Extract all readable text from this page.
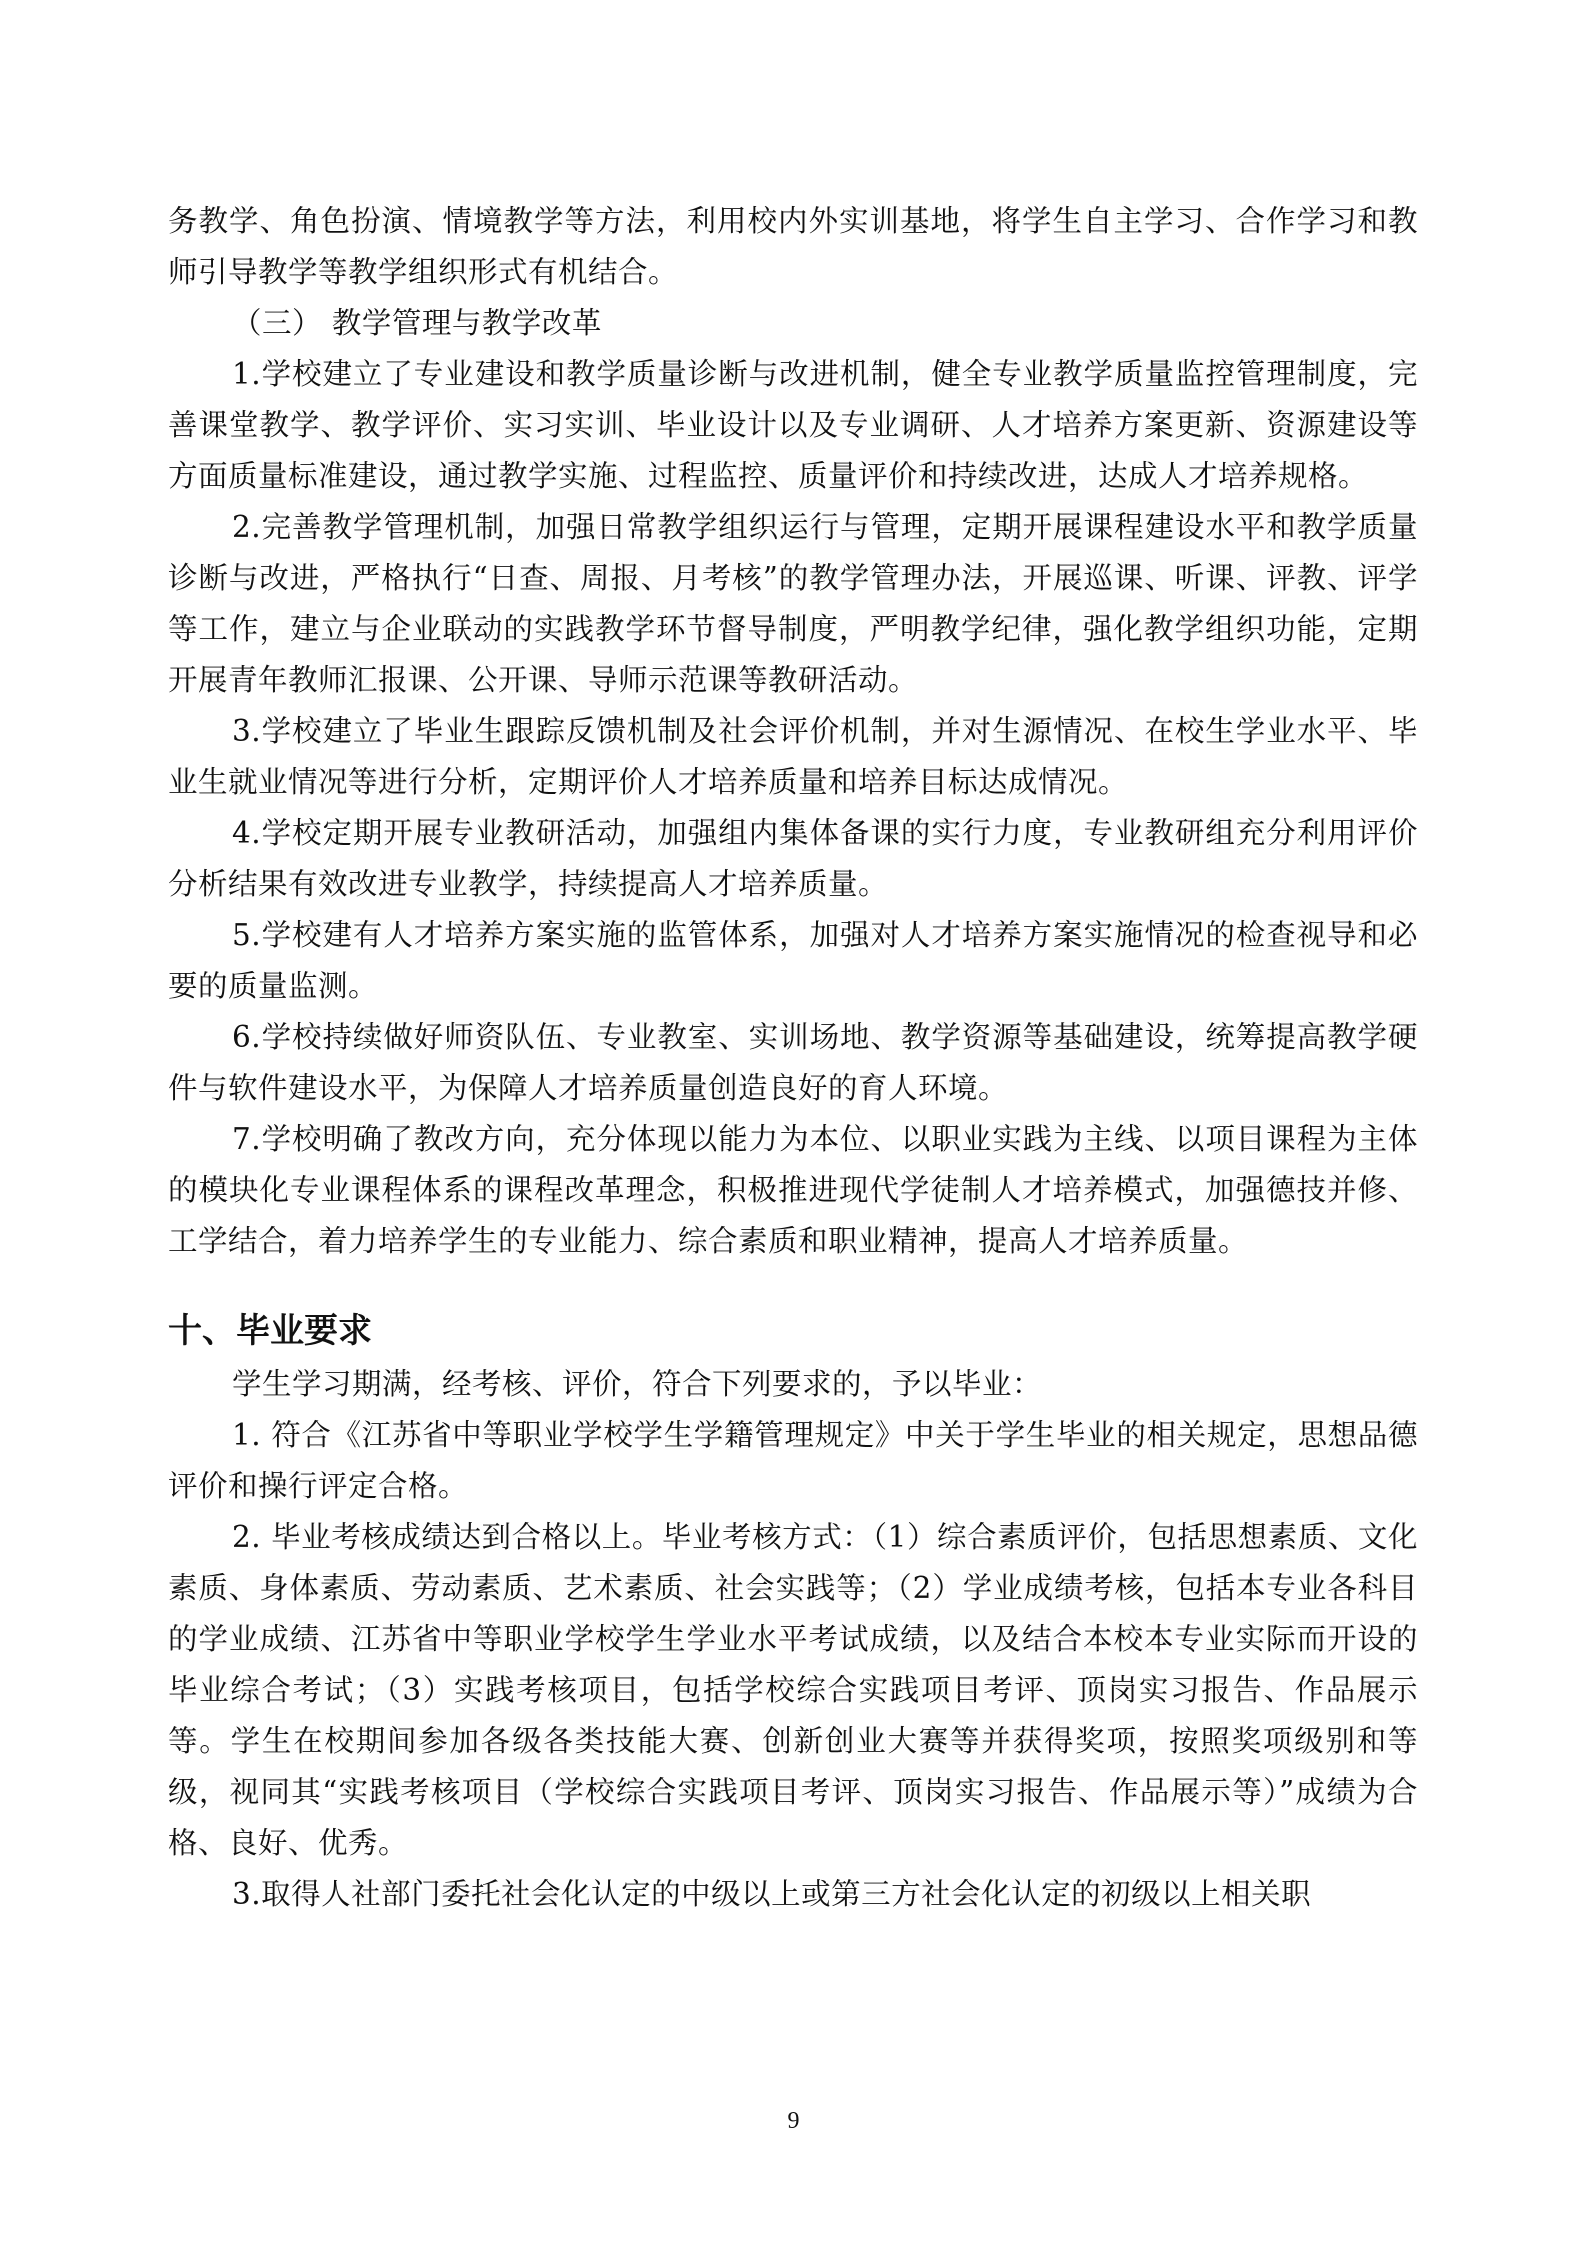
务教学、角色扮演、情境教学等方法，利用校内外实训基地，将学生自主学习、合作学习和教师引导教学等教学组织形式有机结合。

（三） 教学管理与教学改革

1.学校建立了专业建设和教学质量诊断与改进机制，健全专业教学质量监控管理制度，完善课堂教学、教学评价、实习实训、毕业设计以及专业调研、人才培养方案更新、资源建设等方面质量标准建设，通过教学实施、过程监控、质量评价和持续改进，达成人才培养规格。

2.完善教学管理机制，加强日常教学组织运行与管理，定期开展课程建设水平和教学质量诊断与改进，严格执行“日查、周报、月考核”的教学管理办法，开展巡课、听课、评教、评学等工作，建立与企业联动的实践教学环节督导制度，严明教学纪律，强化教学组织功能，定期开展青年教师汇报课、公开课、导师示范课等教研活动。

3.学校建立了毕业生跟踪反馈机制及社会评价机制，并对生源情况、在校生学业水平、毕业生就业情况等进行分析，定期评价人才培养质量和培养目标达成情况。

4.学校定期开展专业教研活动，加强组内集体备课的实行力度，专业教研组充分利用评价分析结果有效改进专业教学，持续提高人才培养质量。

5.学校建有人才培养方案实施的监管体系，加强对人才培养方案实施情况的检查视导和必要的质量监测。

6.学校持续做好师资队伍、专业教室、实训场地、教学资源等基础建设，统筹提高教学硬件与软件建设水平，为保障人才培养质量创造良好的育人环境。

7.学校明确了教改方向，充分体现以能力为本位、以职业实践为主线、以项目课程为主体的模块化专业课程体系的课程改革理念，积极推进现代学徒制人才培养模式，加强德技并修、工学结合，着力培养学生的专业能力、综合素质和职业精神，提高人才培养质量。

十、毕业要求

学生学习期满，经考核、评价，符合下列要求的，予以毕业：

1. 符合《江苏省中等职业学校学生学籍管理规定》中关于学生毕业的相关规定，思想品德评价和操行评定合格。

2. 毕业考核成绩达到合格以上。毕业考核方式：（1）综合素质评价，包括思想素质、文化素质、身体素质、劳动素质、艺术素质、社会实践等；（2）学业成绩考核，包括本专业各科目的学业成绩、江苏省中等职业学校学生学业水平考试成绩，以及结合本校本专业实际而开设的毕业综合考试；（3）实践考核项目，包括学校综合实践项目考评、顶岗实习报告、作品展示等。学生在校期间参加各级各类技能大赛、创新创业大赛等并获得奖项，按照奖项级别和等级，视同其“实践考核项目（学校综合实践项目考评、顶岗实习报告、作品展示等）”成绩为合格、良好、优秀。

3.取得人社部门委托社会化认定的中级以上或第三方社会化认定的初级以上相关职

9
